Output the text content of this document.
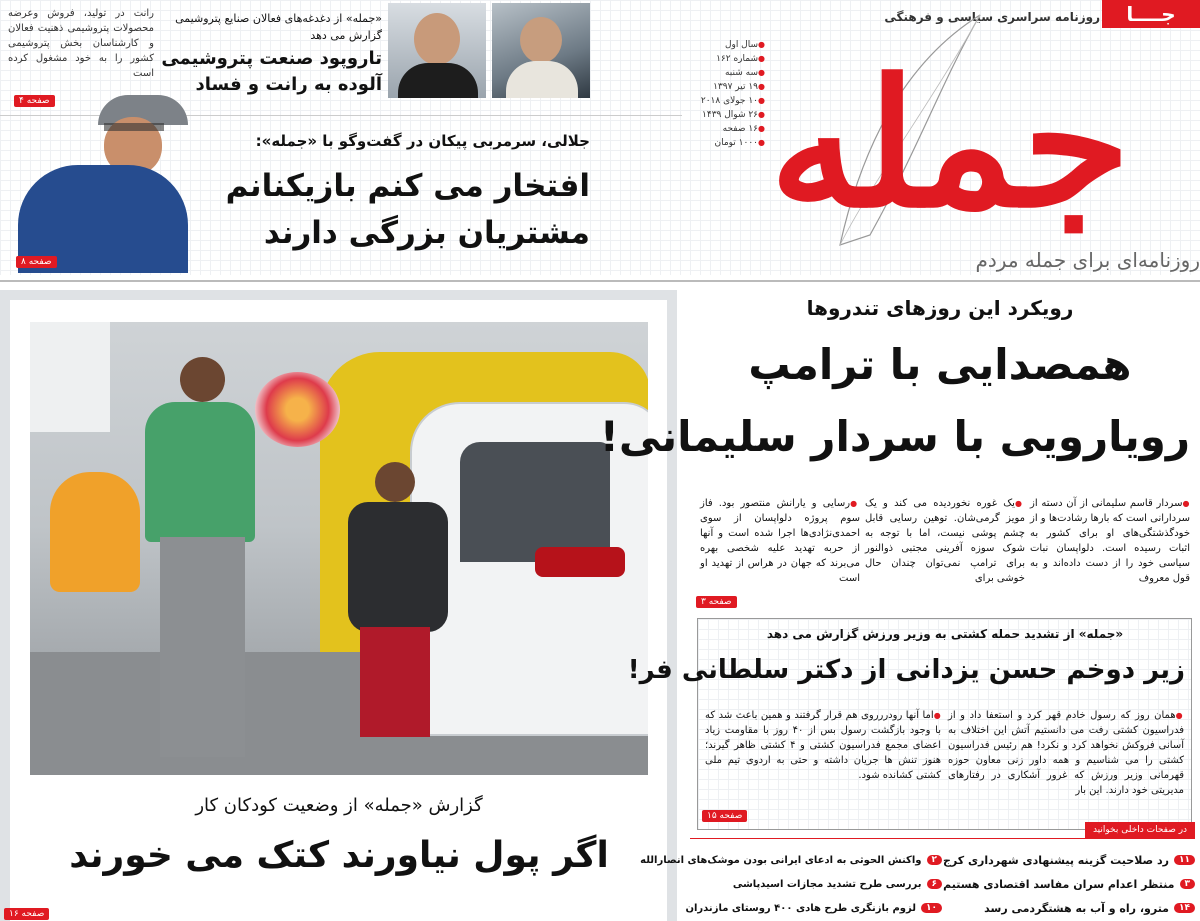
جــــا
روزنامه سراسری سیاسی و فرهنگی
جمله
● سال اول
● شماره ۱۶۲
● سه شنبه
● ۱۹ تیر ۱۳۹۷
● ۱۰ جولای ۲۰۱۸
● ۲۶ شوال ۱۴۳۹
● ۱۶ صفحه
● ۱۰۰۰ تومان
روزنامه‌ای برای جمله مردم
«جمله» از دغدغه‌های فعالان صنایع پتروشیمی گزارش می دهد
تاروپود صنعت پتروشیمی
آلوده به رانت و فساد
رانت در تولید، فروش وعرضه محصولات پتروشیمی ذهنیت فعالان و کارشناسان بخش پتروشیمی کشور را به خود مشغول کرده است
صفحه ۴
جلالی، سرمربی پیکان در گفت‌وگو با «جمله»:
افتخار می کنم بازیکنانم
مشتریان بزرگی دارند
صفحه ۸
گزارش «جمله» از وضعیت کودکان کار
اگر پول نیاورند کتک می خورند
صفحه ۱۶
رویکرد این روزهای تندروها
همصدایی با ترامپ
رویارویی با سردار سلیمانی!
● سردار قاسم سلیمانی از آن دسته از سردارانی است که بارها رشادت‌ها و از خودگذشتگی‌های او برای کشور به اثبات رسیده است. دلواپسان نبات سیاسی خود را از دست داده‌اند و به قول معروف
● یک غوره نخوردیده می کند و یک مویز گرمی‌شان. توهین رسایی قابل چشم پوشی نیست، اما با توجه به شوک سوزه آفرینی مجتبی ذوالنور برای ترامپ نمی‌توان چندان حال خوشی برای
● رسایی و یارانش منتصور بود. فاز سوم پروژه دلواپسان از سوی احمدی‌نژادی‌ها اجرا شده است و آنها از حربه تهدید علیه شخصی بهره می‌برند که جهان در هراس از تهدید او است
صفحه ۳
«جمله» از تشدید حمله کشتی به وزیر ورزش گزارش می دهد
زیر دوخم حسن یزدانی از دکتر سلطانی فر!
● همان روز که رسول خادم قهر کرد و استعفا داد و از فدراسیون کشتی رفت می دانستیم آتش این اختلاف به آسانی فروکش نخواهد کرد و نکرد! هم رئیس فدراسیون کشتی را می شناسیم و همه داور زنی معاون حوزه قهرمانی وزیر ورزش که غرور آشکاری در رفتارهای مدیریتی خود دارند. این بار
● اما آنها رودررروی هم قرار گرفتند و همین باعث شد که با وجود بازگشت رسول بس از ۴۰ روز با مقاومت زیاد اعضای مجمع فدراسیون کشتی و ۴ کشتی ظاهر گیرند؛ هنوز تنش ها جریان داشته و حتی به اردوی تیم ملی کشتی کشانده شود.
صفحه ۱۵
در صفحات داخلی بخوانید
۱۱
رد صلاحیت گزینه پیشنهادی شهرداری کرج
۳
منتظر اعدام سران مفاسد اقتصادی هستیم
۱۴
مترو، راه و آب به هشتگردمی رسد
۲
واکنش الحوثی به ادعای ایرانی بودن موشک‌های انصارالله
۶
بررسی طرح تشدید مجازات اسیدپاشی
۱۰
لزوم بازنگری طرح هادی ۴۰۰ روستای مازندران
